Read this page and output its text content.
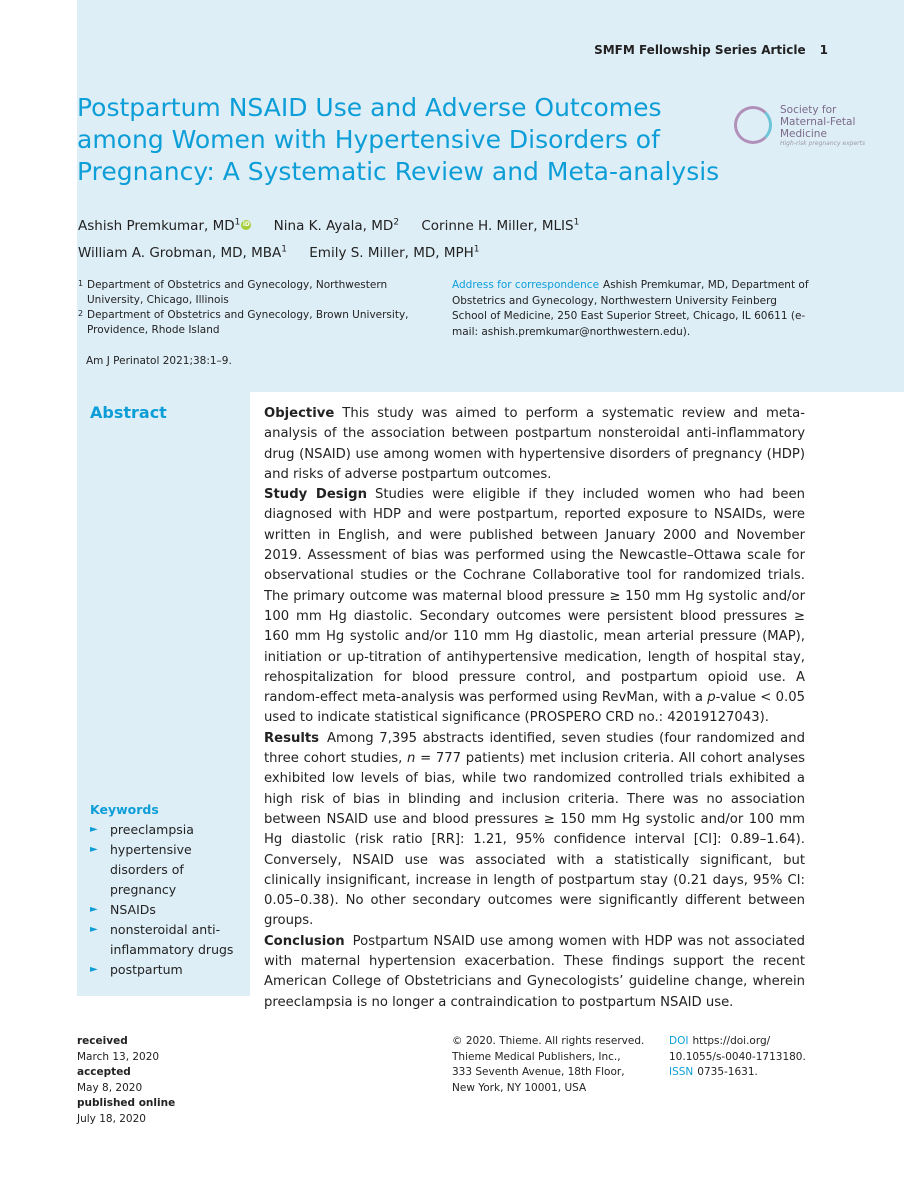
SMFM Fellowship Series Article 1
Postpartum NSAID Use and Adverse Outcomes among Women with Hypertensive Disorders of Pregnancy: A Systematic Review and Meta-analysis
Society for
Maternal-Fetal
Medicine
High-risk pregnancy experts
Ashish Premkumar, $MD^1$ iD Nina K. Ayala, $MD^2$ Corinne H. Miller, MLIS$^1$
William A. Grobman, MD, MBA$^1$ Emily S. Miller, MD, MPH$^1$
1 Department of Obstetrics and Gynecology, Northwestern University, Chicago, Illinois
2 Department of Obstetrics and Gynecology, Brown University, Providence, Rhode Island
Address for correspondence Ashish Premkumar, MD, Department of Obstetrics and Gynecology, Northwestern University Feinberg School of Medicine, 250 East Superior Street, Chicago, IL 60611 (e-mail: ashish.premkumar@northwestern.edu).
Am J Perinatol 2021;38:1–9.
Abstract
Keywords
► preeclampsia
► hypertensive disorders of pregnancy
► NSAIDs
► nonsteroidal anti-inflammatory drugs
► postpartum

Objective This study was aimed to perform a systematic review and meta-analysis of the association between postpartum nonsteroidal anti-inflammatory drug (NSAID) use among women with hypertensive disorders of pregnancy (HDP) and risks of adverse postpartum outcomes.

Study Design Studies were eligible if they included women who had been diagnosed with HDP and were postpartum, reported exposure to NSAIDs, were written in English, and were published between January 2000 and November 2019. Assessment of bias was performed using the Newcastle–Ottawa scale for observational studies or the Cochrane Collaborative tool for randomized trials. The primary outcome was maternal blood pressure ≥ 150 mm Hg systolic and/or 100 mm Hg diastolic. Secondary outcomes were persistent blood pressures ≥ 160 mm Hg systolic and/or 110 mm Hg diastolic, mean arterial pressure (MAP), initiation or up-titration of antihypertensive medication, length of hospital stay, rehospitalization for blood pressure control, and postpartum opioid use. A random-effect meta-analysis was performed using RevMan, with a p-value < 0.05 used to indicate statistical significance (PROSPERO CRD no.: 42019127043).

Results Among 7,395 abstracts identified, seven studies (four randomized and three cohort studies, n = 777 patients) met inclusion criteria. All cohort analyses exhibited low levels of bias, while two randomized controlled trials exhibited a high risk of bias in blinding and inclusion criteria. There was no association between NSAID use and blood pressures ≥ 150 mm Hg systolic and/or 100 mm Hg diastolic (risk ratio [RR]: 1.21, 95% confidence interval [CI]: 0.89–1.64). Conversely, NSAID use was associated with a statistically significant, but clinically insignificant, increase in length of postpartum stay (0.21 days, 95% CI: 0.05–0.38). No other secondary outcomes were significantly different between groups.

Conclusion Postpartum NSAID use among women with HDP was not associated with maternal hypertension exacerbation. These findings support the recent American College of Obstetricians and Gynecologists’ guideline change, wherein preeclampsia is no longer a contraindication to postpartum NSAID use.

received
March 13, 2020
accepted
May 8, 2020
published online
July 18, 2020
© 2020. Thieme. All rights reserved.
Thieme Medical Publishers, Inc.,
333 Seventh Avenue, 18th Floor,
New York, NY 10001, USA
DOI https://doi.org/
10.1055/s-0040-1713180.
ISSN 0735-1631.
